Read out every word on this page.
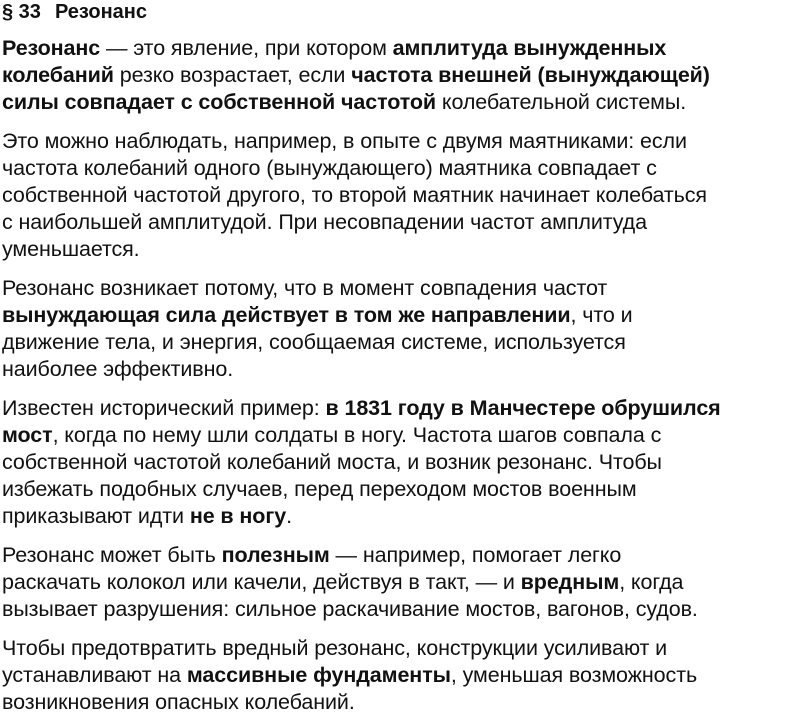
§ 33 Резонанс

Резонанс — это явление, при котором амплитуда вынужденных
колебаний резко возрастает, если частота внешней (вынуждающей)
силы совпадает с собственной частотой колебательной системы.

Это можно наблюдать, например, в опыте с двумя маятниками: если
частота колебаний одного (вынуждающего) маятника совпадает с
собственной частотой другого, то второй маятник начинает колебаться
с наибольшей амплитудой. При несовпадении частот амплитуда
уменьшается.

Резонанс возникает потому, что в момент совпадения частот
вынуждающая сила действует в том же направлении, что и
движение тела, и энергия, сообщаемая системе, используется
наиболее эффективно.

Известен исторический пример: в 1831 году в Манчестере обрушился
мост, когда по нему шли солдаты в ногу. Частота шагов совпала с
собственной частотой колебаний моста, и возник резонанс. Чтобы
избежать подобных случаев, перед переходом мостов военным
приказывают идти не в ногу.

Резонанс может быть полезным — например, помогает легко
раскачать колокол или качели, действуя в такт, — и вредным, когда
вызывает разрушения: сильное раскачивание мостов, вагонов, судов.

Чтобы предотвратить вредный резонанс, конструкции усиливают и
устанавливают на массивные фундаменты, уменьшая возможность
возникновения опасных колебаний.
